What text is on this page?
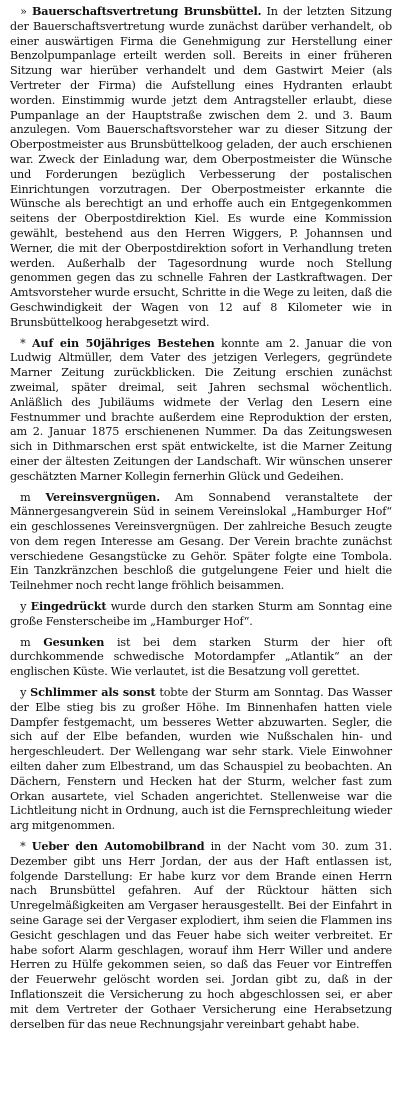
» Bauerschaftsvertretung Brunsbüttel. In der letzten Sitzung der Bauerschaftsvertretung wurde zunächst darüber verhandelt, ob einer auswärtigen Firma die Genehmigung zur Herstellung einer Benzolpumpanlage erteilt werden soll. Bereits in einer früheren Sitzung war hierüber verhandelt und dem Gastwirt Meier (als Vertreter der Firma) die Aufstellung eines Hydranten erlaubt worden. Einstimmig wurde jetzt dem Antragsteller erlaubt, diese Pumpanlage an der Hauptstraße zwischen dem 2. und 3. Baum anzulegen. Vom Bauerschaftsvorsteher war zu dieser Sitzung der Oberpostmeister aus Brunsbüttelkoog geladen, der auch erschienen war. Zweck der Einladung war, dem Oberpostmeister die Wünsche und Forderungen bezüglich Verbesserung der postalischen Einrichtungen vorzutragen. Der Oberpostmeister erkannte die Wünsche als berechtigt an und erhoffe auch ein Entgegenkommen seitens der Oberpostdirektion Kiel. Es wurde eine Kommission gewählt, bestehend aus den Herren Wiggers, P. Johannsen und Werner, die mit der Oberpostdirektion sofort in Verhandlung treten werden. Außerhalb der Tagesordnung wurde noch Stellung genommen gegen das zu schnelle Fahren der Lastkraftwagen. Der Amtsvorsteher wurde ersucht, Schritte in die Wege zu leiten, daß die Geschwindigkeit der Wagen von 12 auf 8 Kilometer wie in Brunsbüttelkoog herabgesetzt wird.

* Auf ein 50jähriges Bestehen konnte am 2. Januar die von Ludwig Altmüller, dem Vater des jetzigen Verlegers, gegründete Marner Zeitung zurückblicken. Die Zeitung erschien zunächst zweimal, später dreimal, seit Jahren sechsmal wöchentlich. Anläßlich des Jubiläums widmete der Verlag den Lesern eine Festnummer und brachte außerdem eine Reproduktion der ersten, am 2. Januar 1875 erschienenen Nummer. Da das Zeitungswesen sich in Dithmarschen erst spät entwickelte, ist die Marner Zeitung einer der ältesten Zeitungen der Landschaft. Wir wünschen unserer geschätzten Marner Kollegin fernerhin Glück und Gedeihen.

m Vereinsvergnügen. Am Sonnabend veranstaltete der Männergesangverein Süd in seinem Vereinslokal „Hamburger Hof“ ein geschlossenes Vereinsvergnügen. Der zahlreiche Besuch zeugte von dem regen Interesse am Gesang. Der Verein brachte zunächst verschiedene Gesangstücke zu Gehör. Später folgte eine Tombola. Ein Tanzkränzchen beschloß die gutgelungene Feier und hielt die Teilnehmer noch recht lange fröhlich beisammen.

y Eingedrückt wurde durch den starken Sturm am Sonntag eine große Fensterscheibe im „Hamburger Hof“.

m Gesunken ist bei dem starken Sturm der hier oft durchkommende schwedische Motordampfer „Atlantik“ an der englischen Küste. Wie verlautet, ist die Besatzung voll gerettet.

y Schlimmer als sonst tobte der Sturm am Sonntag. Das Wasser der Elbe stieg bis zu großer Höhe. Im Binnenhafen hatten viele Dampfer festgemacht, um besseres Wetter abzuwarten. Segler, die sich auf der Elbe befanden, wurden wie Nußschalen hin- und hergeschleudert. Der Wellengang war sehr stark. Viele Einwohner eilten daher zum Elbestrand, um das Schauspiel zu beobachten. An Dächern, Fenstern und Hecken hat der Sturm, welcher fast zum Orkan ausartete, viel Schaden angerichtet. Stellenweise war die Lichtleitung nicht in Ordnung, auch ist die Fernsprechleitung wieder arg mitgenommen.

* Ueber den Automobilbrand in der Nacht vom 30. zum 31. Dezember gibt uns Herr Jordan, der aus der Haft entlassen ist, folgende Darstellung: Er habe kurz vor dem Brande einen Herrn nach Brunsbüttel gefahren. Auf der Rücktour hätten sich Unregelmäßigkeiten am Vergaser herausgestellt. Bei der Einfahrt in seine Garage sei der Vergaser explodiert, ihm seien die Flammen ins Gesicht geschlagen und das Feuer habe sich weiter verbreitet. Er habe sofort Alarm geschlagen, worauf ihm Herr Willer und andere Herren zu Hülfe gekommen seien, so daß das Feuer vor Eintreffen der Feuerwehr gelöscht worden sei. Jordan gibt zu, daß in der Inflationszeit die Versicherung zu hoch abgeschlossen sei, er aber mit dem Vertreter der Gothaer Versicherung eine Herabsetzung derselben für das neue Rechnungsjahr vereinbart gehabt habe.
